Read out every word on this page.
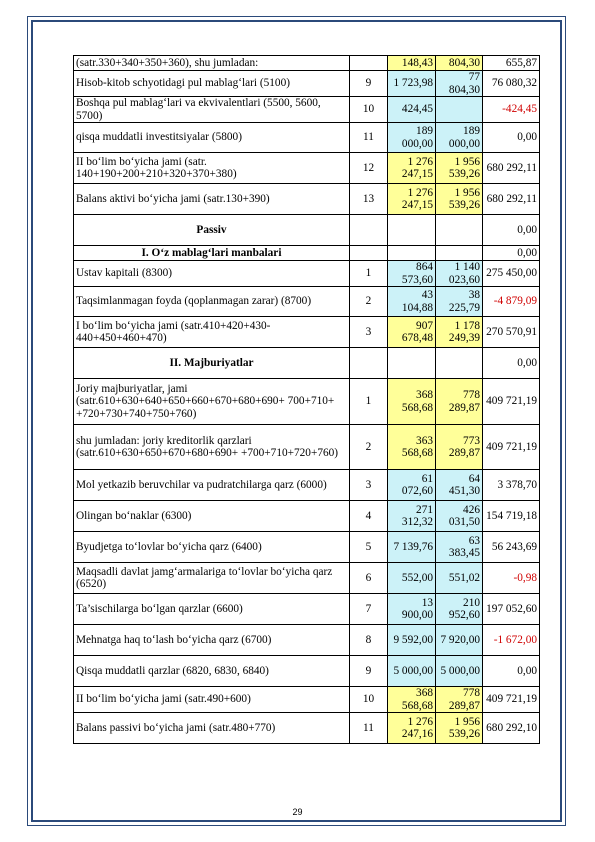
(satr.330+340+350+360), shu jumladan:		148,43	804,30	655,87
Hisob-kitob schyotidagi pul mablag‘lari (5100)	9	1 723,98	77 804,30	76 080,32
Boshqa pul mablag‘lari va ekvivalentlari (5500, 5600, 5700)	10	424,45		-424,45
qisqa muddatli investitsiyalar (5800)	11	189 000,00	189 000,00	0,00
II bo‘lim bo‘yicha jami (satr. 140+190+200+210+320+370+380)	12	1 276 247,15	1 956 539,26	680 292,11
Balans aktivi bo‘yicha jami (satr.130+390)	13	1 276 247,15	1 956 539,26	680 292,11
Passiv				0,00
I. O‘z mablag‘lari manbalari				0,00
Ustav kapitali (8300)	1	864 573,60	1 140 023,60	275 450,00
Taqsimlanmagan foyda (qoplanmagan zarar) (8700)	2	43 104,88	38 225,79	-4 879,09
I bo‘lim bo‘yicha jami (satr.410+420+430-440+450+460+470)	3	907 678,48	1 178 249,39	270 570,91
II. Majburiyatlar				0,00
Joriy majburiyatlar, jami (satr.610+630+640+650+660+670+680+690+ 700+710+ +720+730+740+750+760)	1	368 568,68	778 289,87	409 721,19
shu jumladan: joriy kreditorlik qarzlari (satr.610+630+650+670+680+690+ +700+710+720+760)	2	363 568,68	773 289,87	409 721,19
Mol yetkazib beruvchilar va pudratchilarga qarz (6000)	3	61 072,60	64 451,30	3 378,70
Olingan bo‘naklar (6300)	4	271 312,32	426 031,50	154 719,18
Byudjetga to‘lovlar bo‘yicha qarz (6400)	5	7 139,76	63 383,45	56 243,69
Maqsadli davlat jamg‘armalariga to‘lovlar bo‘yicha qarz (6520)	6	552,00	551,02	-0,98
Ta’sischilarga bo‘lgan qarzlar (6600)	7	13 900,00	210 952,60	197 052,60
Mehnatga haq to‘lash bo‘yicha qarz (6700)	8	9 592,00	7 920,00	-1 672,00
Qisqa muddatli qarzlar (6820, 6830, 6840)	9	5 000,00	5 000,00	0,00
II bo‘lim bo‘yicha jami (satr.490+600)	10	368 568,68	778 289,87	409 721,19
Balans passivi bo‘yicha jami (satr.480+770)	11	1 276 247,16	1 956 539,26	680 292,10
29
